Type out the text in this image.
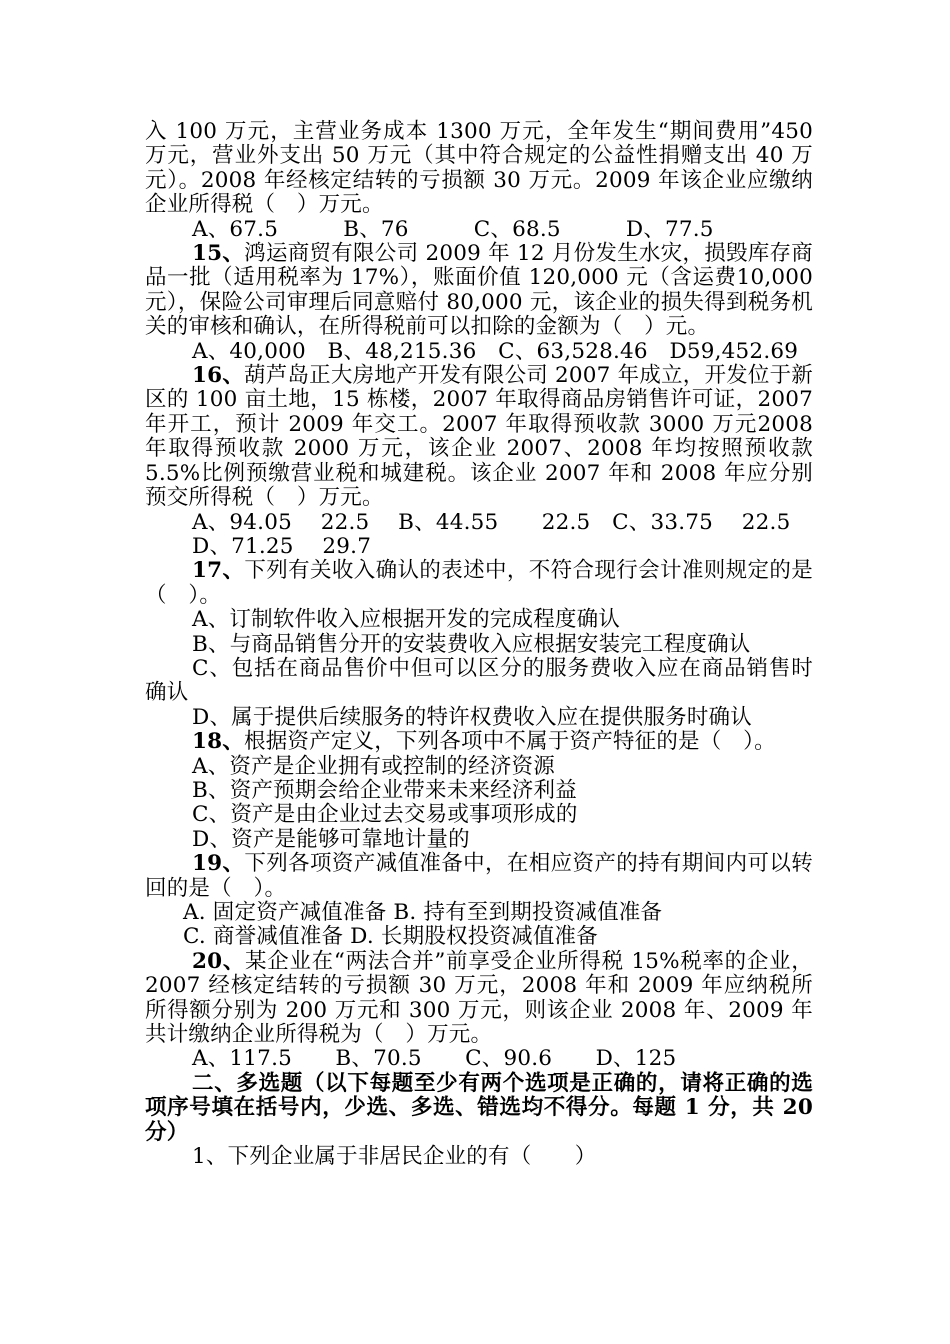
入 100 万元，主营业务成本 1300 万元，全年发生“期间费用”450 万元，营业外支出 50 万元（其中符合规定的公益性捐赠支出 40 万元）。2008 年经核定结转的亏损额 30 万元。2009 年该企业应缴纳企业所得税（　）万元。

A、67.5　　　B、76　　　C、68.5　　　D、77.5

15、鸿运商贸有限公司 2009 年 12 月份发生水灾，损毁库存商品一批（适用税率为 17%），账面价值 120,000 元（含运费10,000 元），保险公司审理后同意赔付 80,000 元，该企业的损失得到税务机关的审核和确认，在所得税前可以扣除的金额为（　）元。

A、40,000　B、48,215.36　C、63,528.46　D59,452.69

16、葫芦岛正大房地产开发有限公司 2007 年成立，开发位于新区的 100 亩土地，15 栋楼，2007 年取得商品房销售许可证，2007 年开工，预计 2009 年交工。2007 年取得预收款 3000 万元2008 年取得预收款 2000 万元，该企业 2007、2008 年均按照预收款 5.5%比例预缴营业税和城建税。该企业 2007 年和 2008 年应分别预交所得税（　）万元。

A、94.05　 22.5　 B、44.55　　22.5　C、33.75　 22.5

D、71.25　 29.7

17、下列有关收入确认的表述中，不符合现行会计准则规定的是（　）。

A、订制软件收入应根据开发的完成程度确认

B、与商品销售分开的安装费收入应根据安装完工程度确认

C、包括在商品售价中但可以区分的服务费收入应在商品销售时确认

D、属于提供后续服务的特许权费收入应在提供服务时确认

18、根据资产定义，下列各项中不属于资产特征的是（　）。

A、资产是企业拥有或控制的经济资源

B、资产预期会给企业带来未来经济利益

C、资产是由企业过去交易或事项形成的

D、资产是能够可靠地计量的

19、下列各项资产减值准备中，在相应资产的持有期间内可以转回的是（　）。

A. 固定资产减值准备 B. 持有至到期投资减值准备

C. 商誉减值准备 D. 长期股权投资减值准备

20、某企业在“两法合并”前享受企业所得税 15%税率的企业，2007 经核定结转的亏损额 30 万元，2008 年和 2009 年应纳税所所得额分别为 200 万元和 300 万元，则该企业 2008 年、2009 年共计缴纳企业所得税为（　）万元。

A、117.5　　B、70.5　　C、90.6　　D、125

二、多选题（以下每题至少有两个选项是正确的，请将正确的选项序号填在括号内，少选、多选、错选均不得分。每题 1 分，共 20 分）

1、下列企业属于非居民企业的有（　　）
